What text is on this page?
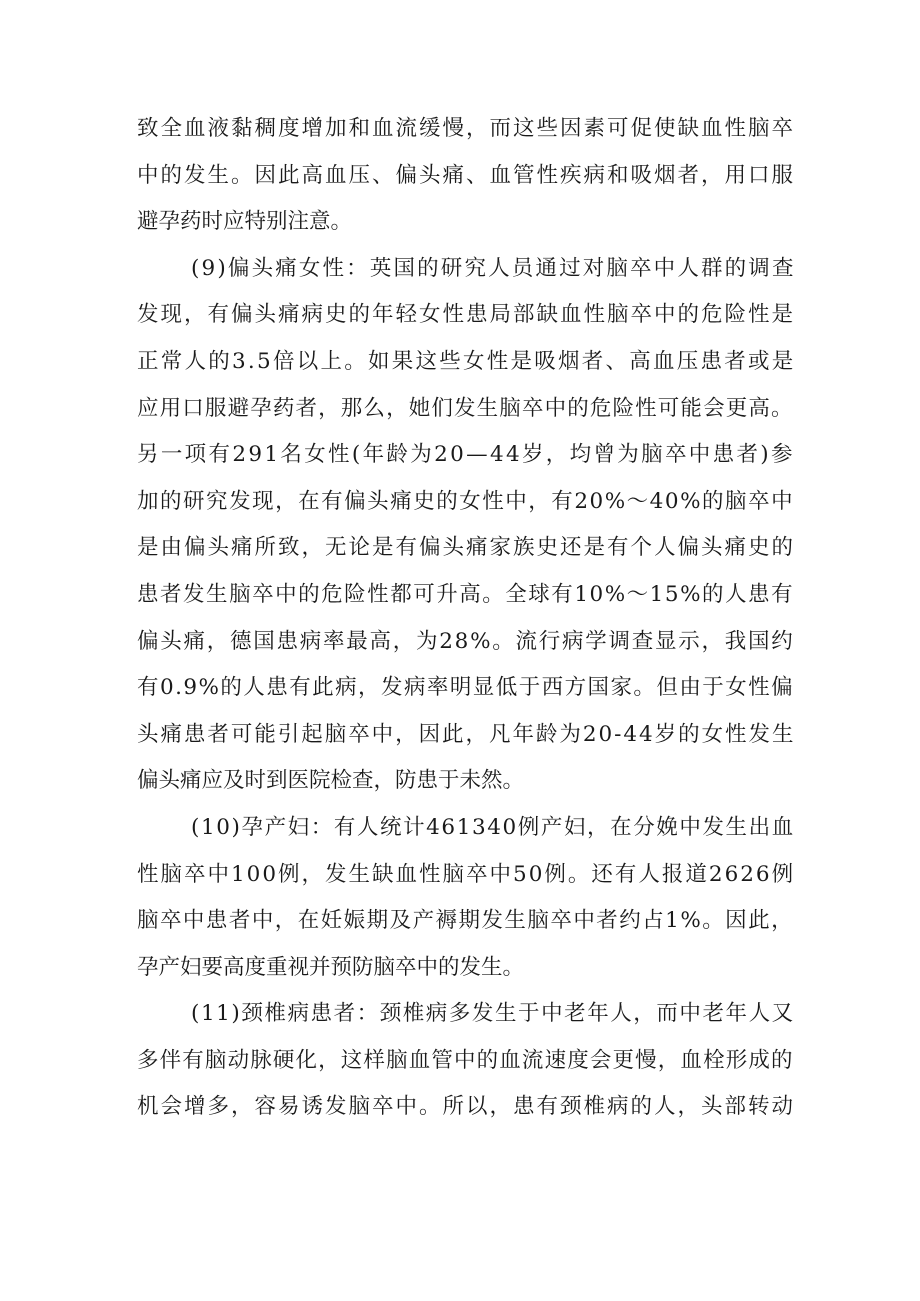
致全血液黏稠度增加和血流缓慢，而这些因素可促使缺血性脑卒
中的发生。因此高血压、偏头痛、血管性疾病和吸烟者，用口服
避孕药时应特别注意。
(9)偏头痛女性：英国的研究人员通过对脑卒中人群的调查
发现，有偏头痛病史的年轻女性患局部缺血性脑卒中的危险性是
正常人的3.5倍以上。如果这些女性是吸烟者、高血压患者或是
应用口服避孕药者，那么，她们发生脑卒中的危险性可能会更高。
另一项有291名女性(年龄为20—44岁，均曾为脑卒中患者)参
加的研究发现，在有偏头痛史的女性中，有20%～40%的脑卒中
是由偏头痛所致，无论是有偏头痛家族史还是有个人偏头痛史的
患者发生脑卒中的危险性都可升高。全球有10%～15%的人患有
偏头痛，德国患病率最高，为28%。流行病学调查显示，我国约
有0.9%的人患有此病，发病率明显低于西方国家。但由于女性偏
头痛患者可能引起脑卒中，因此，凡年龄为20-44岁的女性发生
偏头痛应及时到医院检查，防患于未然。
(10)孕产妇：有人统计461340例产妇，在分娩中发生出血
性脑卒中100例，发生缺血性脑卒中50例。还有人报道2626例
脑卒中患者中，在妊娠期及产褥期发生脑卒中者约占1%。因此，
孕产妇要高度重视并预防脑卒中的发生。
(11)颈椎病患者：颈椎病多发生于中老年人，而中老年人又
多伴有脑动脉硬化，这样脑血管中的血流速度会更慢，血栓形成的
机会增多，容易诱发脑卒中。所以，患有颈椎病的人，头部转动
